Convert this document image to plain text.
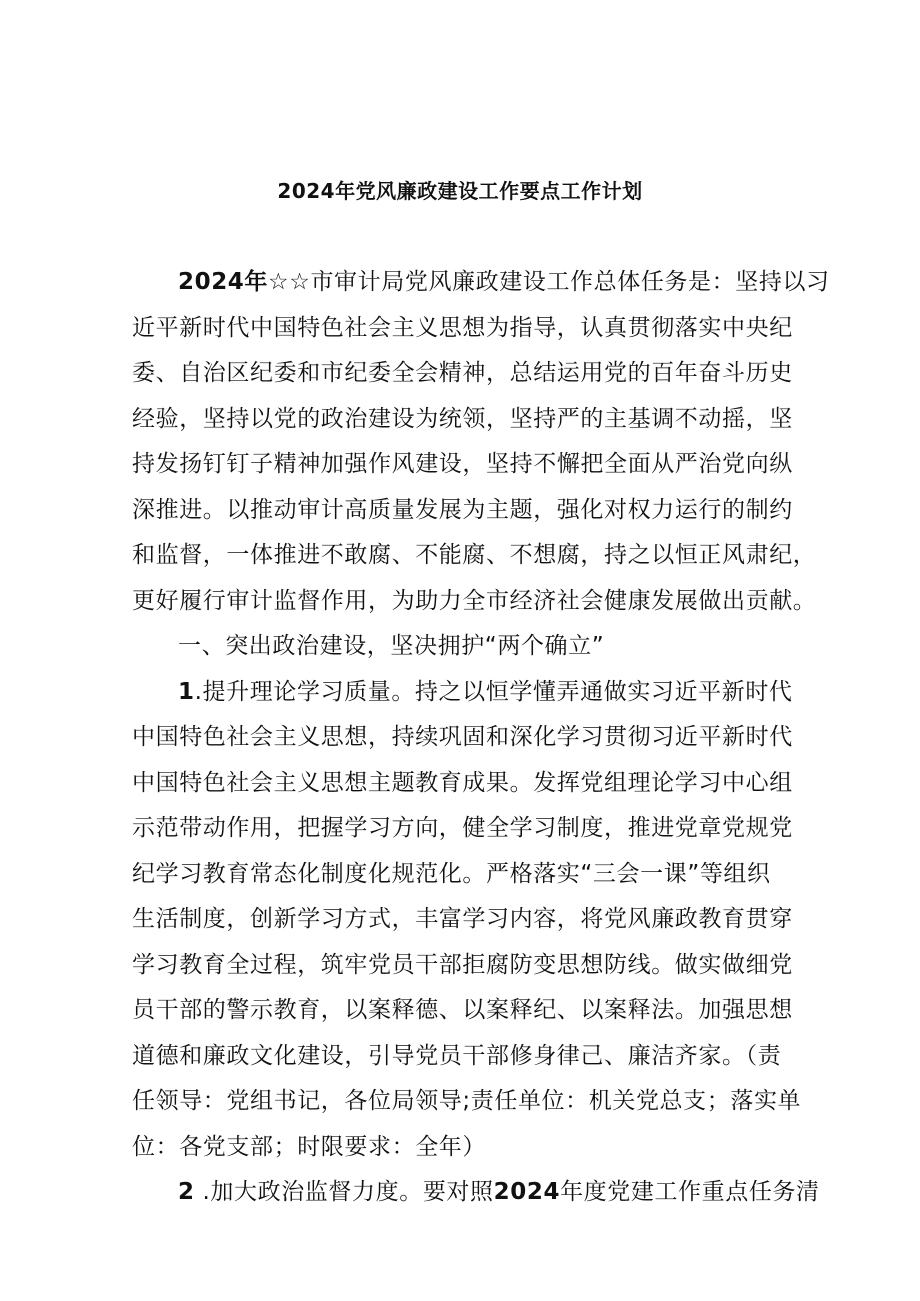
2024年党风廉政建设工作要点工作计划
2024年☆☆市审计局党风廉政建设工作总体任务是：坚持以习
近平新时代中国特色社会主义思想为指导，认真贯彻落实中央纪
委、自治区纪委和市纪委全会精神，总结运用党的百年奋斗历史
经验，坚持以党的政治建设为统领，坚持严的主基调不动摇，坚
持发扬钉钉子精神加强作风建设，坚持不懈把全面从严治党向纵
深推进。以推动审计高质量发展为主题，强化对权力运行的制约
和监督，一体推进不敢腐、不能腐、不想腐，持之以恒正风肃纪，
更好履行审计监督作用，为助力全市经济社会健康发展做出贡献。
一、突出政治建设，坚决拥护“两个确立”
1.提升理论学习质量。持之以恒学懂弄通做实习近平新时代
中国特色社会主义思想，持续巩固和深化学习贯彻习近平新时代
中国特色社会主义思想主题教育成果。发挥党组理论学习中心组
示范带动作用，把握学习方向，健全学习制度，推进党章党规党
纪学习教育常态化制度化规范化。严格落实“三会一课”等组织
生活制度，创新学习方式，丰富学习内容，将党风廉政教育贯穿
学习教育全过程，筑牢党员干部拒腐防变思想防线。做实做细党
员干部的警示教育，以案释德、以案释纪、以案释法。加强思想
道德和廉政文化建设，引导党员干部修身律己、廉洁齐家。（责
任领导：党组书记，各位局领导;责任单位：机关党总支；落实单
位：各党支部；时限要求：全年）
2 .加大政治监督力度。要对照2024年度党建工作重点任务清
